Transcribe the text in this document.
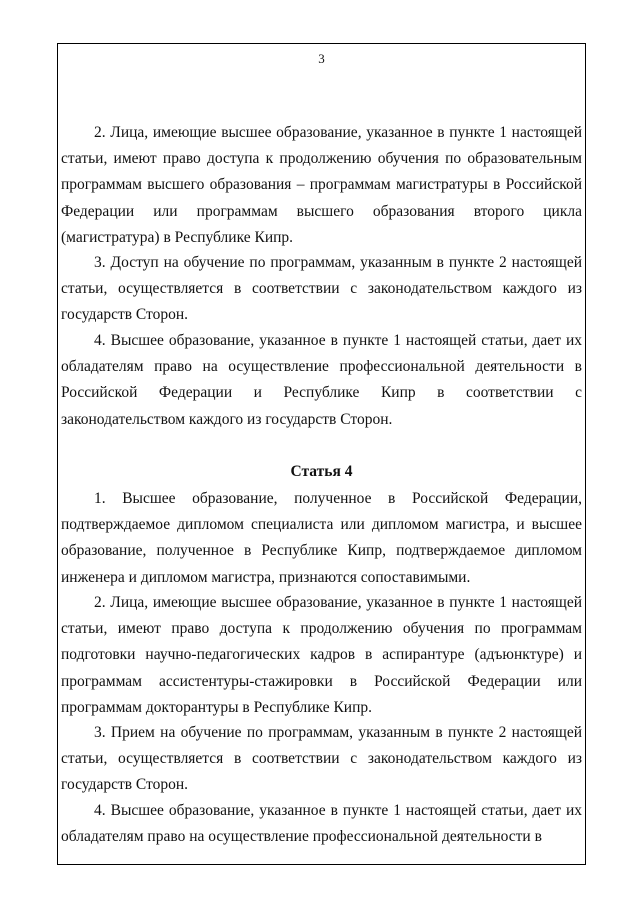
3

2. Лица, имеющие высшее образование, указанное в пункте 1 настоящей статьи, имеют право доступа к продолжению обучения по образовательным программам высшего образования – программам магистратуры в Российской Федерации или программам высшего образования второго цикла (магистратура) в Республике Кипр.

3. Доступ на обучение по программам, указанным в пункте 2 настоящей статьи, осуществляется в соответствии с законодательством каждого из государств Сторон.

4. Высшее образование, указанное в пункте 1 настоящей статьи, дает их обладателям право на осуществление профессиональной деятельности в Российской Федерации и Республике Кипр в соответствии с законодательством каждого из государств Сторон.

Статья 4

1. Высшее образование, полученное в Российской Федерации, подтверждаемое дипломом специалиста или дипломом магистра, и высшее образование, полученное в Республике Кипр, подтверждаемое дипломом инженера и дипломом магистра, признаются сопоставимыми.

2. Лица, имеющие высшее образование, указанное в пункте 1 настоящей статьи, имеют право доступа к продолжению обучения по программам подготовки научно-педагогических кадров в аспирантуре (адъюнктуре) и программам ассистентуры-стажировки в Российской Федерации или программам докторантуры в Республике Кипр.

3. Прием на обучение по программам, указанным в пункте 2 настоящей статьи, осуществляется в соответствии с законодательством каждого из государств Сторон.

4. Высшее образование, указанное в пункте 1 настоящей статьи, дает их обладателям право на осуществление профессиональной деятельности в
